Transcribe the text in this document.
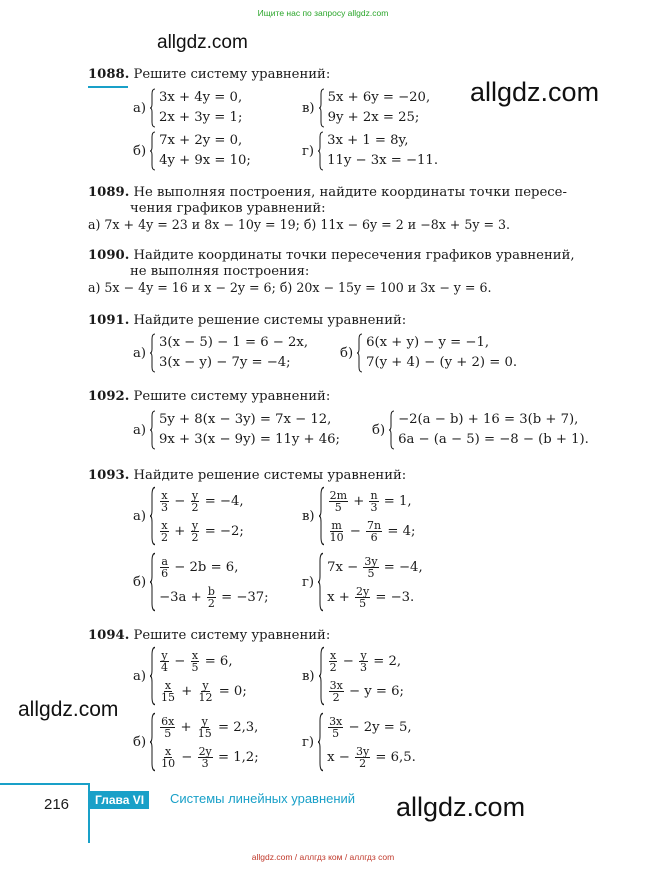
Ищите нас по запросу allgdz.com
allgdz.com
allgdz.com
allgdz.com
allgdz.com
1088. Решите систему уравнений:
а)
3x + 4y = 0,
2x + 3y = 1;
в)
5x + 6y = −20,
9y + 2x = 25;
б)
7x + 2y = 0,
4y + 9x = 10;
г)
3x + 1 = 8y,
11y − 3x = −11.
1089. Не выполняя построения, найдите координаты точки пересе-
чения графиков уравнений:
а) 7x + 4y = 23 и 8x − 10y = 19; б) 11x − 6y = 2 и −8x + 5y = 3.
1090. Найдите координаты точки пересечения графиков уравнений,
не выполняя построения:
а) 5x − 4y = 16 и x − 2y = 6; б) 20x − 15y = 100 и 3x − y = 6.
1091. Найдите решение системы уравнений:
а)
3(x − 5) − 1 = 6 − 2x,
3(x − y) − 7y = −4;
б)
6(x + y) − y = −1,
7(y + 4) − (y + 2) = 0.
1092. Решите систему уравнений:
а)
5y + 8(x − 3y) = 7x − 12,
9x + 3(x − 9y) = 11y + 46;
б)
−2(a − b) + 16 = 3(b + 7),
6a − (a − 5) = −8 − (b + 1).
1093. Найдите решение системы уравнений:
а)
$\frac{x}{3} - \frac{y}{2} = -4$,
$\frac{x}{2} + \frac{y}{2} = -2$;
в)
$\frac{2m}{5} + \frac{n}{3} = 1$,
$\frac{m}{10} - \frac{7n}{6} = 4$;
б)
$\frac{a}{6} - 2b = 6$,
$-3a + \frac{b}{2} = -37$;
г)
$7x - \frac{3y}{5} = -4$,
$x + \frac{2y}{5} = -3$.
1094. Решите систему уравнений:
а)
$\frac{y}{4} - \frac{x}{5} = 6$,
$\frac{x}{15} + \frac{y}{12} = 0$;
в)
$\frac{x}{2} - \frac{y}{3} = 2$,
$\frac{3x}{2} - y = 6$;
б)
$\frac{6x}{5} + \frac{y}{15} = 2,3$,
$\frac{x}{10} - \frac{2y}{3} = 1,2$;
г)
$\frac{3x}{5} - 2y = 5$,
$x - \frac{3y}{2} = 6,5$.
216	Глава VI	Системы линейных уравнений
allgdz.com / аллгдз ком / аллгдз com
